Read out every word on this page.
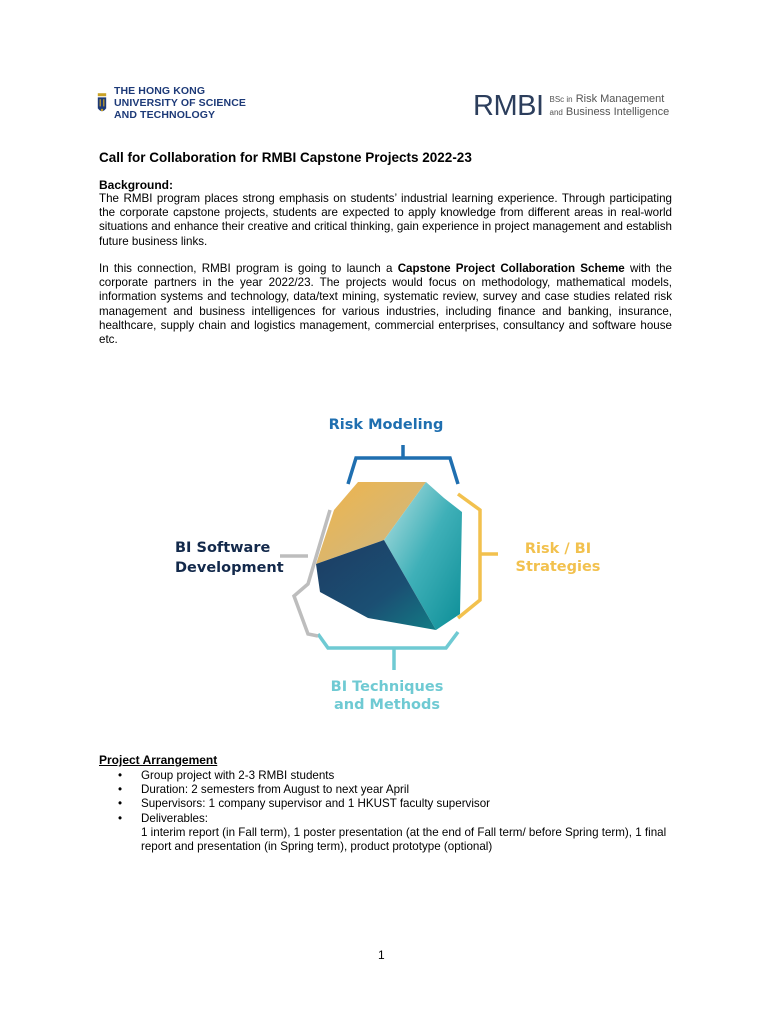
THE HONG KONG
UNIVERSITY OF SCIENCE
AND TECHNOLOGY	RMBI BSc in Risk Management
and Business Intelligence
Call for Collaboration for RMBI Capstone Projects 2022-23
Background:
The RMBI program places strong emphasis on students’ industrial learning experience. Through participating the corporate capstone projects, students are expected to apply knowledge from different areas in real-world situations and enhance their creative and critical thinking, gain experience in project management and establish future business links.
In this connection, RMBI program is going to launch a Capstone Project Collaboration Scheme with the corporate partners in the year 2022/23. The projects would focus on methodology, mathematical models, information systems and technology, data/text mining, systematic review, survey and case studies related risk management and business intelligences for various industries, including finance and banking, insurance, healthcare, supply chain and logistics management, commercial enterprises, consultancy and software house etc.
Risk Modeling
BI Software
Development
Risk / BI
Strategies
BI Techniques
and Methods
Project Arrangement
• Group project with 2-3 RMBI students
• Duration: 2 semesters from August to next year April
• Supervisors: 1 company supervisor and 1 HKUST faculty supervisor
• Deliverables:
1 interim report (in Fall term), 1 poster presentation (at the end of Fall term/ before Spring term), 1 final report and presentation (in Spring term), product prototype (optional)
1
